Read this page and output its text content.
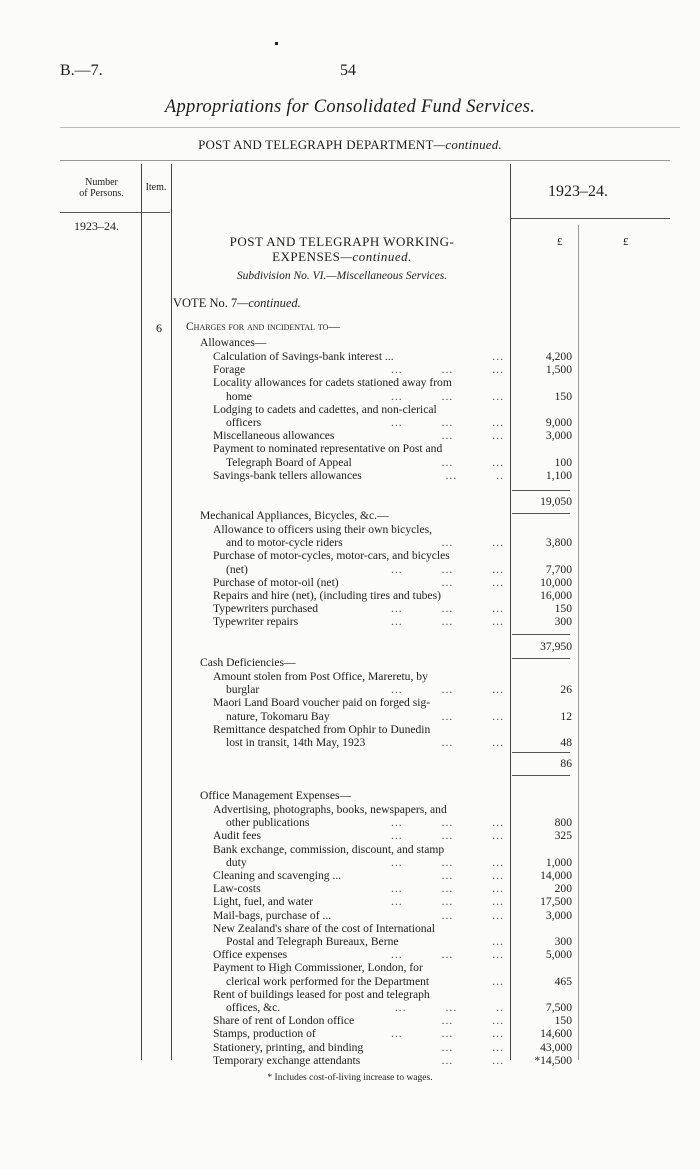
B.—7.	54
Appropriations for Consolidated Fund Services.
POST AND TELEGRAPH DEPARTMENT—continued.
Number
of Persons.
Item.	1923–24.
1923–24.
£	£
POST AND TELEGRAPH WORKING-
EXPENSES—continued.
Subdivision No. VI.—Miscellaneous Services.
VOTE No. 7—continued.
6 Charges for and incidental to—
Allowances—
Calculation of Savings-bank interest ...	...	4,200
Forage	...          ...          ...	1,500
Locality allowances for cadets stationed away from
home	...          ...          ...	150
Lodging to cadets and cadettes, and non-clerical
officers	...          ...          ...	9,000
Miscellaneous allowances	...          ...	3,000
Payment to nominated representative on Post and
Telegraph Board of Appeal	...          ...	100
Savings-bank tellers allowances	...          ..	1,100
19,050
Mechanical Appliances, Bicycles, &c.—
Allowance to officers using their own bicycles,
and to motor-cycle riders	...          ...	3,800
Purchase of motor-cycles, motor-cars, and bicycles
(net)	...          ...          ...	7,700
Purchase of motor-oil (net)	...          ...	10,000
Repairs and hire (net), (including tires and tubes)	16,000
Typewriters purchased	...          ...          ...	150
Typewriter repairs	...          ...          ...	300
37,950
Cash Deficiencies—
Amount stolen from Post Office, Mareretu, by
burglar	...          ...          ...	26
Maori Land Board voucher paid on forged sig-
nature, Tokomaru Bay	...          ...	12
Remittance despatched from Ophir to Dunedin
lost in transit, 14th May, 1923	...          ...	48
86
Office Management Expenses—
Advertising, photographs, books, newspapers, and
other publications	...          ...          ...	800
Audit fees	...          ...          ...	325
Bank exchange, commission, discount, and stamp
duty	...          ...          ...	1,000
Cleaning and scavenging ...	...          ...	14,000
Law-costs	...          ...          ...	200
Light, fuel, and water	...          ...          ...	17,500
Mail-bags, purchase of ...	...          ...	3,000
New Zealand's share of the cost of International
Postal and Telegraph Bureaux, Berne	...	300
Office expenses	...          ...          ...	5,000
Payment to High Commissioner, London, for
clerical work performed for the Department	...	465
Rent of buildings leased for post and telegraph
offices, &c.	...          ...          ..	7,500
Share of rent of London office	...          ...	150
Stamps, production of	...          ...          ...	14,600
Stationery, printing, and binding	...          ...	43,000
Temporary exchange attendants	...          ...	*14,500
* Includes cost-of-living increase to wages.
